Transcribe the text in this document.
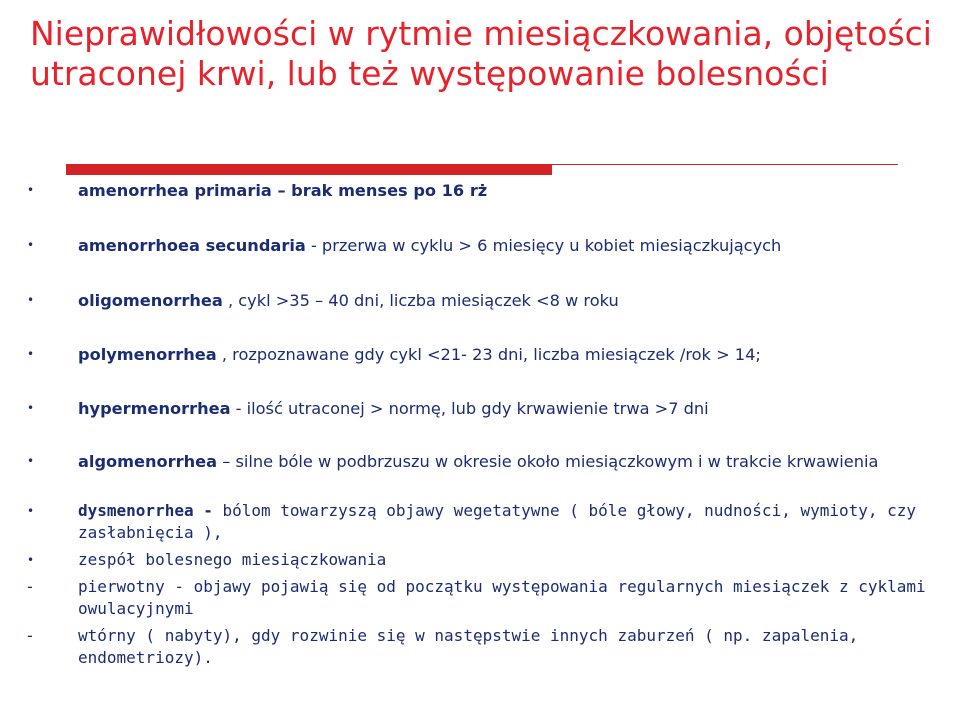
Nieprawidłowości w rytmie miesiączkowania, objętości
utraconej krwi, lub też występowanie bolesności
•	amenorrhea primaria – brak menses po 16 rż
•	amenorrhoea secundaria - przerwa w cyklu > 6 miesięcy u kobiet miesiączkujących
•	oligomenorrhea , cykl >35 – 40 dni, liczba miesiączek <8 w roku
•	polymenorrhea , rozpoznawane gdy cykl <21- 23 dni, liczba miesiączek /rok > 14;
•	hypermenorrhea - ilość utraconej > normę, lub gdy krwawienie trwa >7 dni
•	algomenorrhea – silne bóle w podbrzuszu w okresie około miesiączkowym i w trakcie krwawienia
•	dysmenorrhea - bólom towarzyszą objawy wegetatywne ( bóle głowy, nudności, wymioty, czy zasłabnięcia ),
•	zespół bolesnego miesiączkowania
-	pierwotny - objawy pojawią się od początku występowania regularnych miesiączek z cyklami owulacyjnymi
-	wtórny ( nabyty), gdy rozwinie się w następstwie innych zaburzeń ( np. zapalenia, endometriozy).
